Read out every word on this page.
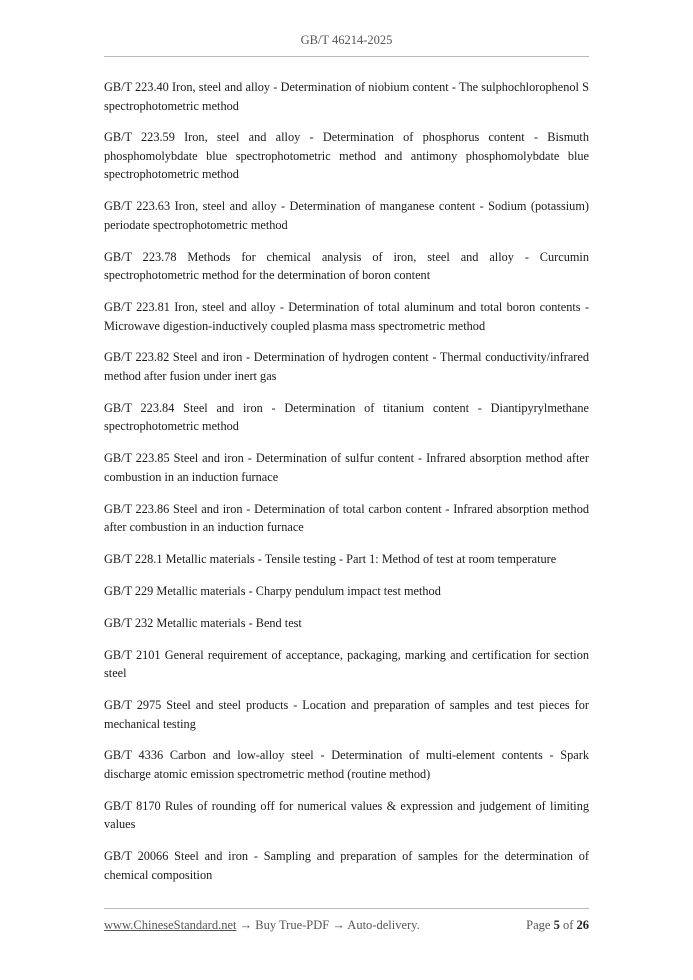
GB/T 46214-2025

GB/T 223.40 Iron, steel and alloy - Determination of niobium content - The sulphochlorophenol S spectrophotometric method

GB/T 223.59 Iron, steel and alloy - Determination of phosphorus content - Bismuth phosphomolybdate blue spectrophotometric method and antimony phosphomolybdate blue spectrophotometric method

GB/T 223.63 Iron, steel and alloy - Determination of manganese content - Sodium (potassium) periodate spectrophotometric method

GB/T 223.78 Methods for chemical analysis of iron, steel and alloy - Curcumin spectrophotometric method for the determination of boron content

GB/T 223.81 Iron, steel and alloy - Determination of total aluminum and total boron contents - Microwave digestion-inductively coupled plasma mass spectrometric method

GB/T 223.82 Steel and iron - Determination of hydrogen content - Thermal conductivity/infrared method after fusion under inert gas

GB/T 223.84 Steel and iron - Determination of titanium content - Diantipyrylmethane spectrophotometric method

GB/T 223.85 Steel and iron - Determination of sulfur content - Infrared absorption method after combustion in an induction furnace

GB/T 223.86 Steel and iron - Determination of total carbon content - Infrared absorption method after combustion in an induction furnace

GB/T 228.1 Metallic materials - Tensile testing - Part 1: Method of test at room temperature

GB/T 229 Metallic materials - Charpy pendulum impact test method

GB/T 232 Metallic materials - Bend test

GB/T 2101 General requirement of acceptance, packaging, marking and certification for section steel

GB/T 2975 Steel and steel products - Location and preparation of samples and test pieces for mechanical testing

GB/T 4336 Carbon and low-alloy steel - Determination of multi-element contents - Spark discharge atomic emission spectrometric method (routine method)

GB/T 8170 Rules of rounding off for numerical values & expression and judgement of limiting values

GB/T 20066 Steel and iron - Sampling and preparation of samples for the determination of chemical composition

www.ChineseStandard.net → Buy True-PDF → Auto-delivery.	Page 5 of 26
